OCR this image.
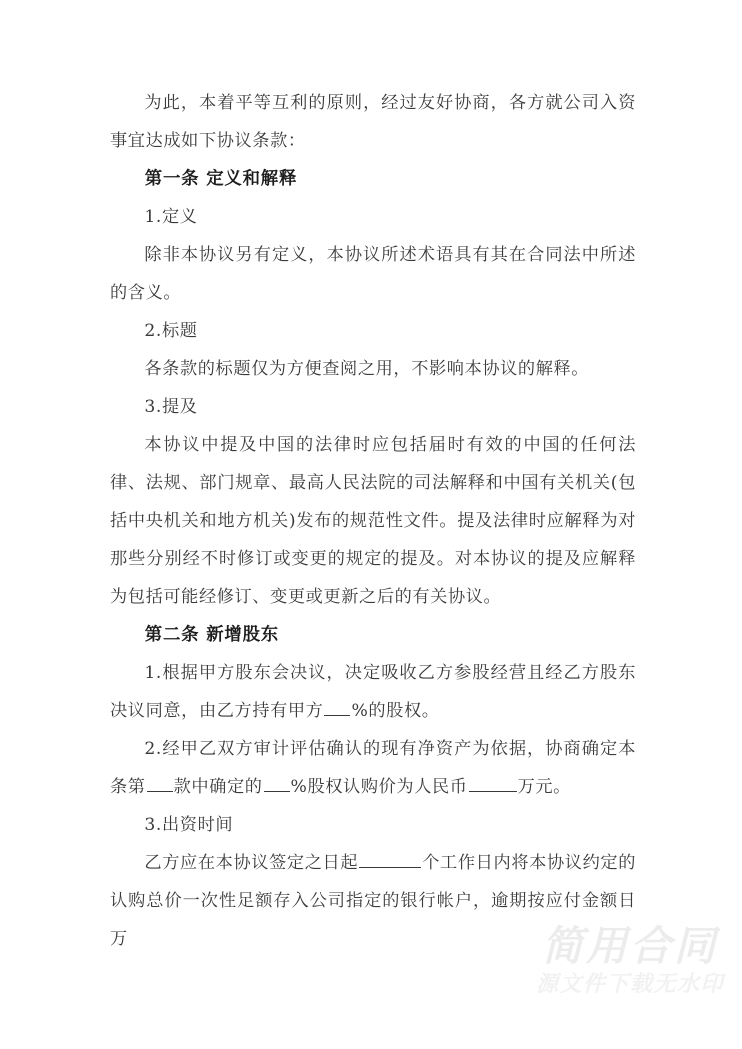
为此，本着平等互利的原则，经过友好协商，各方就公司入资事宜达成如下协议条款：

第一条 定义和解释

1.定义

除非本协议另有定义，本协议所述术语具有其在合同法中所述的含义。

2.标题

各条款的标题仅为方便查阅之用，不影响本协议的解释。

3.提及

本协议中提及中国的法律时应包括届时有效的中国的任何法律、法规、部门规章、最高人民法院的司法解释和中国有关机关(包括中央机关和地方机关)发布的规范性文件。提及法律时应解释为对那些分别经不时修订或变更的规定的提及。对本协议的提及应解释为包括可能经修订、变更或更新之后的有关协议。

第二条 新增股东

1.根据甲方股东会决议，决定吸收乙方参股经营且经乙方股东决议同意，由乙方持有甲方 %的股权。

2.经甲乙双方审计评估确认的现有净资产为依据，协商确定本条第 款中确定的 %股权认购价为人民币	万元。

3.出资时间

乙方应在本协议签定之日起	个工作日内将本协议约定的认购总价一次性足额存入公司指定的银行帐户，逾期按应付金额日万	简用合同
源文件下载无水印
